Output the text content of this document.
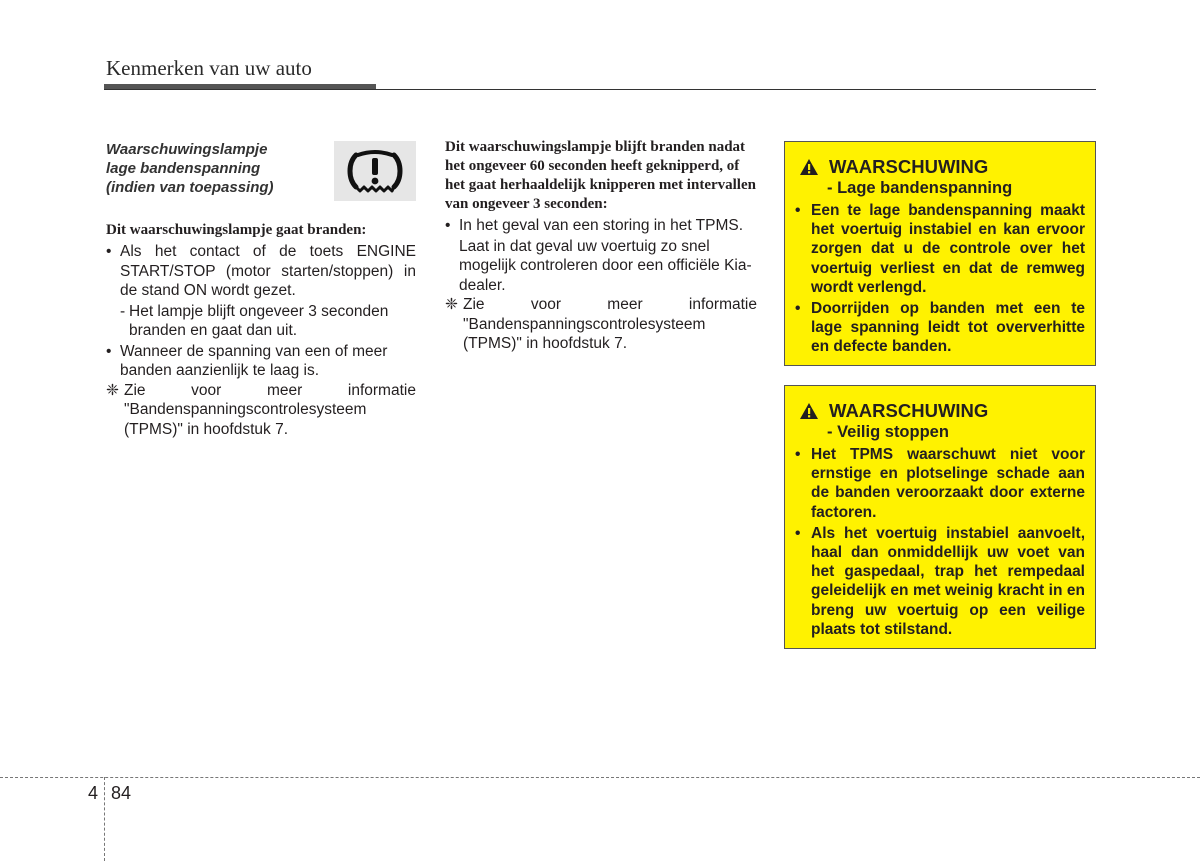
Kenmerken van uw auto
Waarschuwingslampje
lage bandenspanning
(indien van toepassing)
Dit waarschuwingslampje gaat branden:
• Als het contact of de toets ENGINE START/STOP (motor starten/stoppen) in de stand ON wordt gezet.
- Het lampje blijft ongeveer 3 seconden branden en gaat dan uit.
• Wanneer de spanning van een of meer banden aanzienlijk te laag is.
❈ Zie	voor	meer	informatie
"Bandenspanningscontrolesysteem (TPMS)" in hoofdstuk 7.
Dit waarschuwingslampje blijft branden nadat het ongeveer 60 seconden heeft geknipperd, of het gaat herhaaldelijk knipperen met intervallen van ongeveer 3 seconden:
• In het geval van een storing in het TPMS.
Laat in dat geval uw voertuig zo snel mogelijk controleren door een officiële Kia-dealer.
❈ Zie	voor	meer	informatie
"Bandenspanningscontrolesysteem (TPMS)" in hoofdstuk 7.
WAARSCHUWING
- Lage bandenspanning
• Een te lage bandenspanning maakt het voertuig instabiel en kan ervoor zorgen dat u de controle over het voertuig verliest en dat de remweg wordt verlengd.
• Doorrijden op banden met een te lage spanning leidt tot oververhitte en defecte banden.
WAARSCHUWING
- Veilig stoppen
• Het TPMS waarschuwt niet voor ernstige en plotselinge schade aan de banden veroorzaakt door externe factoren.
• Als het voertuig instabiel aanvoelt, haal dan onmiddellijk uw voet van het gaspedaal, trap het rempedaal geleidelijk en met weinig kracht in en breng uw voertuig op een veilige plaats tot stilstand.
4 84
